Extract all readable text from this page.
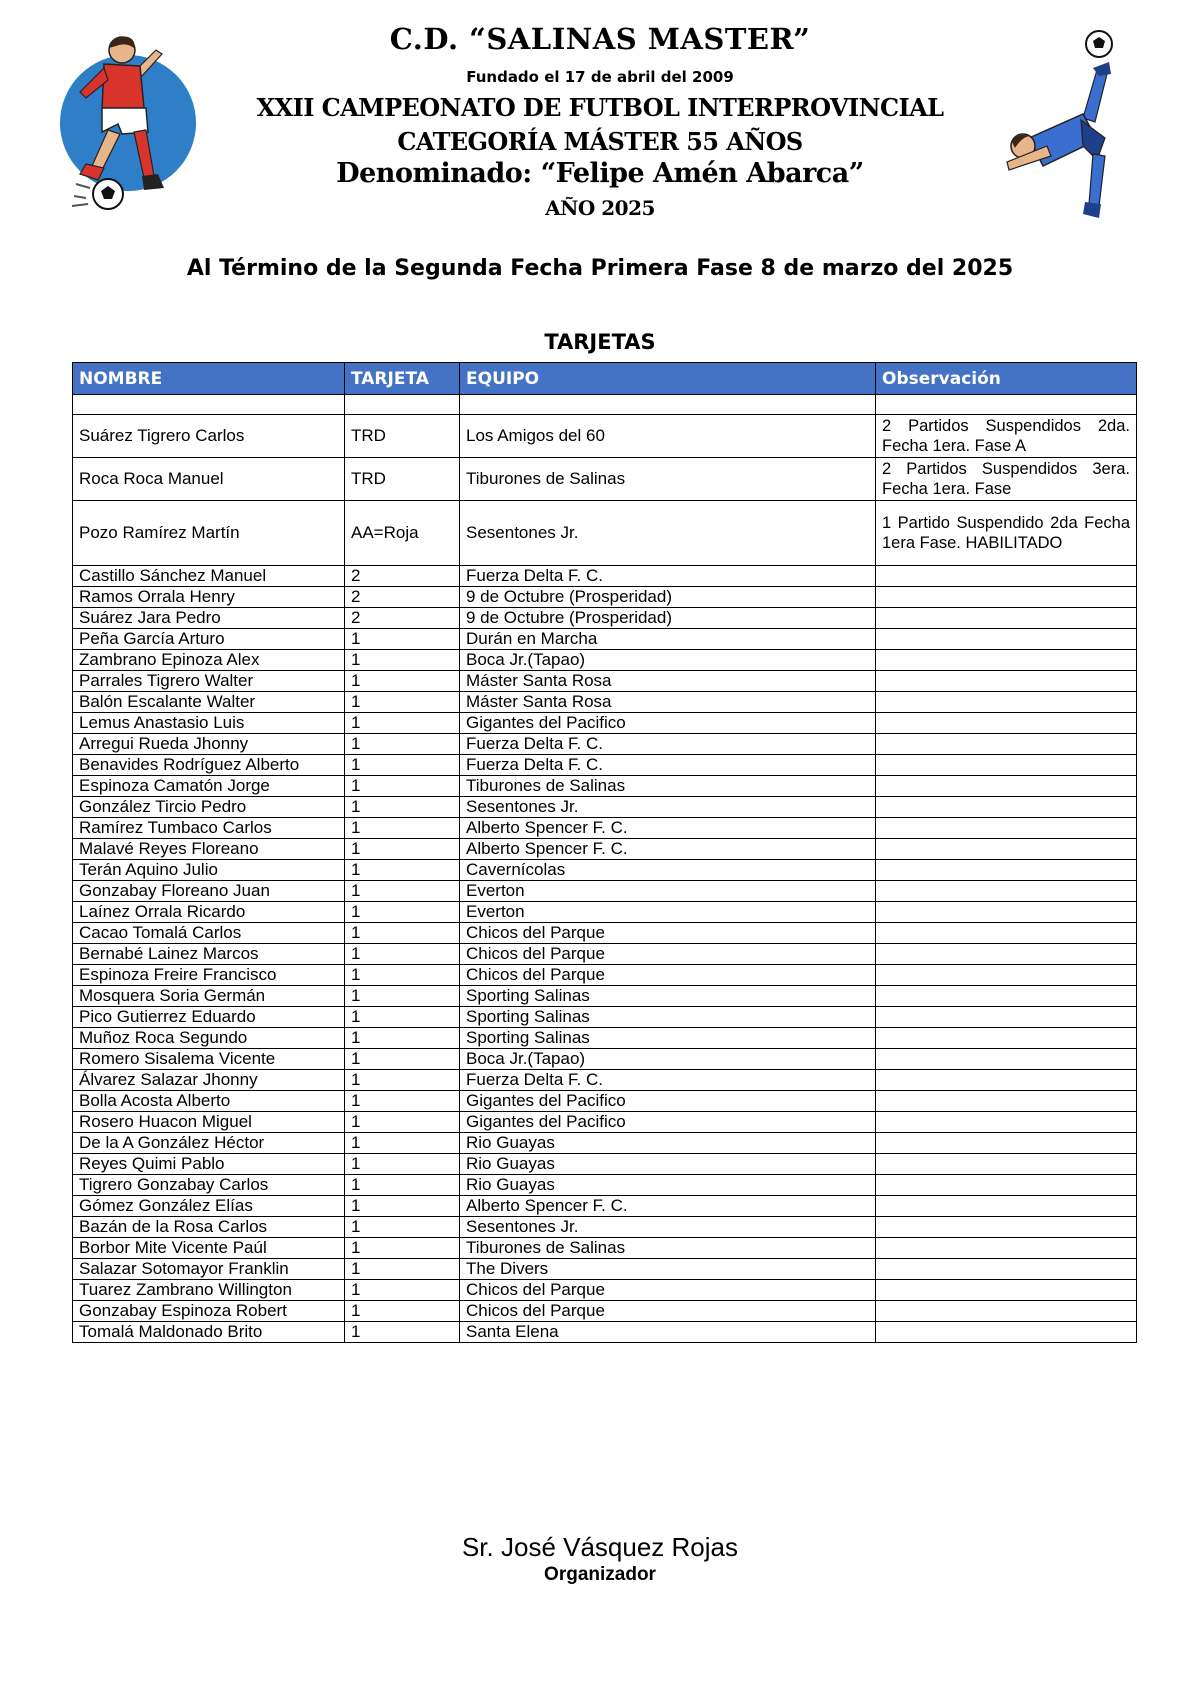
C.D. “SALINAS MASTER”
Fundado el 17 de abril del 2009
XXII CAMPEONATO DE FUTBOL INTERPROVINCIAL
CATEGORÍA MÁSTER 55 AÑOS
Denominado: “Felipe Amén Abarca”
AÑO 2025
Al Término de la Segunda Fecha Primera Fase 8 de marzo del 2025
TARJETAS
NOMBRE	TARJETA	EQUIPO	Observación

Suárez Tigrero Carlos	TRD	Los Amigos del 60	2 Partidos Suspendidos 2da. Fecha 1era. Fase A
Roca Roca Manuel	TRD	Tiburones de Salinas	2 Partidos Suspendidos 3era. Fecha 1era. Fase
Pozo Ramírez Martín	AA=Roja	Sesentones Jr.	1 Partido Suspendido 2da Fecha 1era Fase. HABILITADO
Castillo Sánchez Manuel	2	Fuerza Delta F. C.	
Ramos Orrala Henry	2	9 de Octubre (Prosperidad)	
Suárez Jara Pedro	2	9 de Octubre (Prosperidad)	
Peña García Arturo	1	Durán en Marcha	
Zambrano Epinoza Alex	1	Boca Jr.(Tapao)	
Parrales Tigrero Walter	1	Máster Santa Rosa	
Balón Escalante Walter	1	Máster Santa Rosa	
Lemus Anastasio Luis	1	Gigantes del Pacifico	
Arregui Rueda Jhonny	1	Fuerza Delta F. C.	
Benavides Rodríguez Alberto	1	Fuerza Delta F. C.	
Espinoza Camatón Jorge	1	Tiburones de Salinas	
González Tircio Pedro	1	Sesentones Jr.	
Ramírez Tumbaco Carlos	1	Alberto Spencer F. C.	
Malavé Reyes Floreano	1	Alberto Spencer F. C.	
Terán Aquino Julio	1	Cavernícolas	
Gonzabay Floreano Juan	1	Everton	
Laínez Orrala Ricardo	1	Everton	
Cacao Tomalá Carlos	1	Chicos del Parque	
Bernabé Lainez Marcos	1	Chicos del Parque	
Espinoza Freire Francisco	1	Chicos del Parque	
Mosquera Soria Germán	1	Sporting Salinas	
Pico Gutierrez Eduardo	1	Sporting Salinas	
Muñoz Roca Segundo	1	Sporting Salinas	
Romero Sisalema Vicente	1	Boca Jr.(Tapao)	
Álvarez Salazar Jhonny	1	Fuerza Delta F. C.	
Bolla Acosta Alberto	1	Gigantes del Pacifico	
Rosero Huacon Miguel	1	Gigantes del Pacifico	
De la A González Héctor	1	Rio Guayas	
Reyes Quimi Pablo	1	Rio Guayas	
Tigrero Gonzabay Carlos	1	Rio Guayas	
Gómez González Elías	1	Alberto Spencer F. C.	
Bazán de la Rosa Carlos	1	Sesentones Jr.	
Borbor Mite Vicente Paúl	1	Tiburones de Salinas	
Salazar Sotomayor Franklin	1	The Divers	
Tuarez Zambrano Willington	1	Chicos del Parque	
Gonzabay Espinoza Robert	1	Chicos del Parque	
Tomalá Maldonado Brito	1	Santa Elena	
Sr. José Vásquez Rojas
Organizador
